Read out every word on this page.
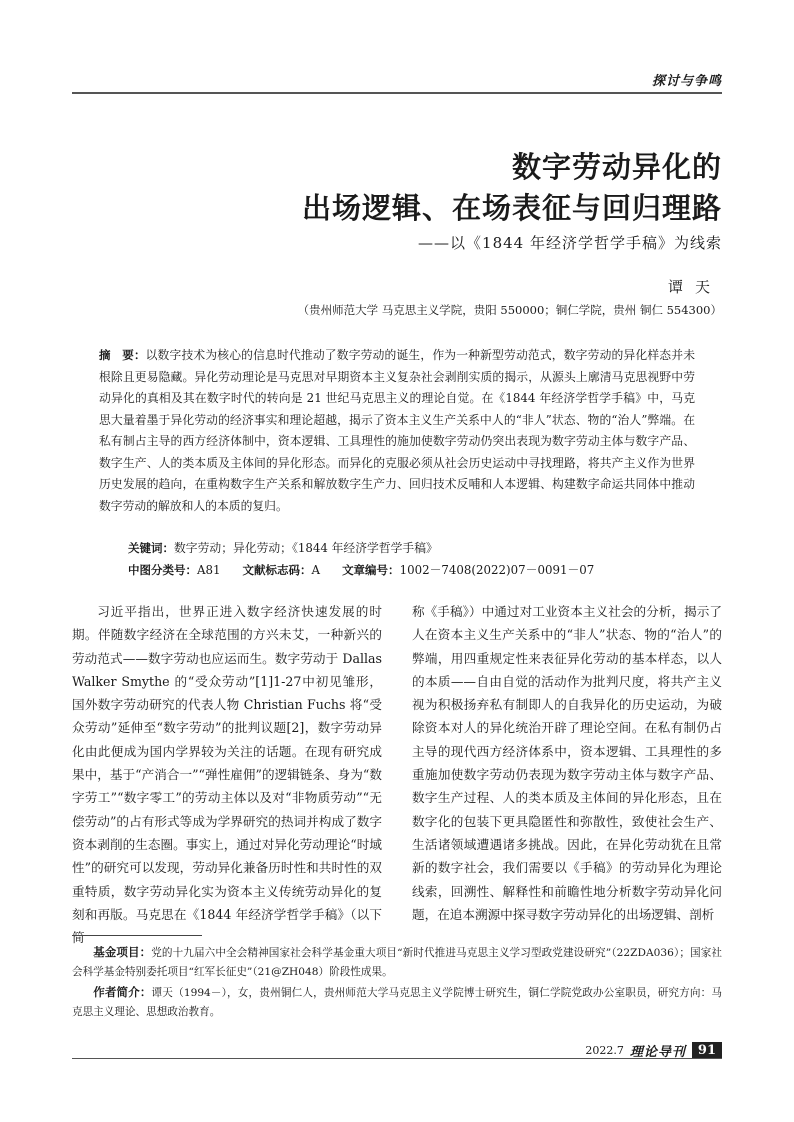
探讨与争鸣
数字劳动异化的
出场逻辑、在场表征与回归理路
——以《1844 年经济学哲学手稿》为线索
谭天
（贵州师范大学 马克思主义学院，贵阳 550000；铜仁学院，贵州 铜仁 554300）
摘　要：以数字技术为核心的信息时代推动了数字劳动的诞生，作为一种新型劳动范式，数字劳动的异化样态并未根除且更易隐藏。异化劳动理论是马克思对早期资本主义复杂社会剥削实质的揭示，从源头上廓清马克思视野中劳动异化的真相及其在数字时代的转向是 21 世纪马克思主义的理论自觉。在《1844 年经济学哲学手稿》中，马克思大量着墨于异化劳动的经济事实和理论超越，揭示了资本主义生产关系中人的“非人”状态、物的“治人”弊端。在私有制占主导的西方经济体制中，资本逻辑、工具理性的施加使数字劳动仍突出表现为数字劳动主体与数字产品、数字生产、人的类本质及主体间的异化形态。而异化的克服必须从社会历史运动中寻找理路，将共产主义作为世界历史发展的趋向，在重构数字生产关系和解放数字生产力、回归技术反哺和人本逻辑、构建数字命运共同体中推动数字劳动的解放和人的本质的复归。
关键词：数字劳动；异化劳动；《1844 年经济学哲学手稿》
中图分类号：A81 文献标志码：A 文章编号：1002－7408(2022)07－0091－07
习近平指出，世界正进入数字经济快速发展的时期。伴随数字经济在全球范围的方兴未艾，一种新兴的劳动范式——数字劳动也应运而生。数字劳动于 Dallas Walker Smythe 的“受众劳动”[1]1-27中初见雏形，国外数字劳动研究的代表人物 Christian Fuchs 将“受众劳动”延伸至“数字劳动”的批判议题[2]，数字劳动异化由此便成为国内学界较为关注的话题。在现有研究成果中，基于“产消合一”“弹性雇佣”的逻辑链条、身为“数字劳工”“数字零工”的劳动主体以及对“非物质劳动”“无偿劳动”的占有形式等成为学界研究的热词并构成了数字资本剥削的生态圈。事实上，通过对异化劳动理论“时域性”的研究可以发现，劳动异化兼备历时性和共时性的双重特质，数字劳动异化实为资本主义传统劳动异化的复刻和再版。马克思在《1844 年经济学哲学手稿》（以下简
称《手稿》）中通过对工业资本主义社会的分析，揭示了人在资本主义生产关系中的“非人”状态、物的“治人”的弊端，用四重规定性来表征异化劳动的基本样态，以人的本质——自由自觉的活动作为批判尺度，将共产主义视为积极扬弃私有制即人的自我异化的历史运动，为破除资本对人的异化统治开辟了理论空间。在私有制仍占主导的现代西方经济体系中，资本逻辑、工具理性的多重施加使数字劳动仍表现为数字劳动主体与数字产品、数字生产过程、人的类本质及主体间的异化形态，且在数字化的包装下更具隐匿性和弥散性，致使社会生产、生活诸领域遭遇诸多挑战。因此，在异化劳动犹在且常新的数字社会，我们需要以《手稿》的劳动异化为理论线索，回溯性、解释性和前瞻性地分析数字劳动异化问题，在追本溯源中探寻数字劳动异化的出场逻辑、剖析
基金项目：党的十九届六中全会精神国家社会科学基金重大项目“新时代推进马克思主义学习型政党建设研究”（22ZDA036）；国家社会科学基金特别委托项目“红军长征史”（21@ZH048）阶段性成果。
作者简介：谭天（1994－），女，贵州铜仁人，贵州师范大学马克思主义学院博士研究生，铜仁学院党政办公室职员，研究方向：马克思主义理论、思想政治教育。
2022.7 理论导刊 91
